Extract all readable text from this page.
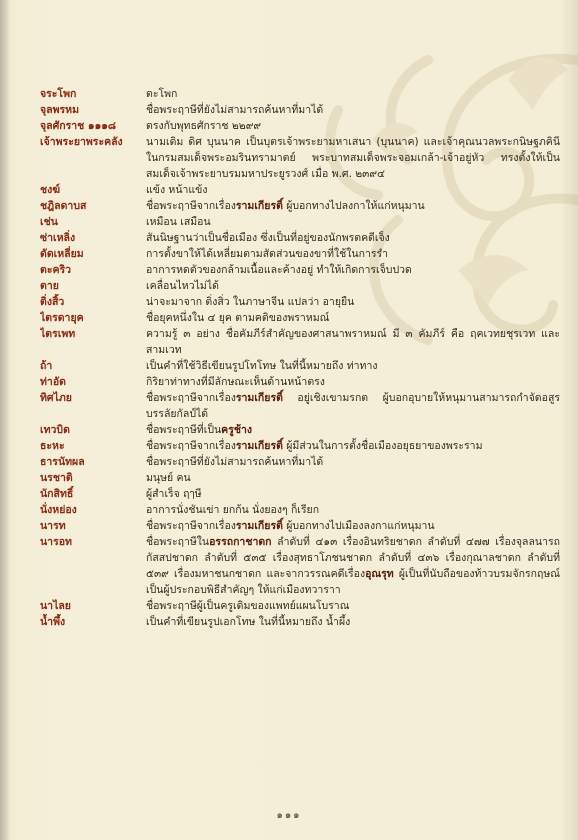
จระโพก	ตะโพก
จุลพรหม	ชื่อพระฤาษีที่ยังไม่สามารถค้นหาที่มาได้
จุลศักราช ๑๑๑๘	ตรงกับพุทธศักราช ๒๒๙๙
เจ้าพระยาพระคลัง	นามเดิม ดิศ บุนนาค เป็นบุตรเจ้าพระยามหาเสนา (บุนนาค) และเจ้าคุณนวลพระกนิษฐภคินี ในกรมสมเด็จพระอมรินทรามาตย์ พระบาทสมเด็จพระจอมเกล้า-เจ้าอยู่หัว ทรงตั้งให้เป็นสมเด็จเจ้าพระยาบรมมหาประยูรวงศ์ เมื่อ พ.ศ. ๒๓๙๔
ชงฆ์	แข้ง หน้าแข้ง
ชฎิลดาบส	ชื่อพระฤาษีจากเรื่องรามเกียรติ์ ผู้บอกทางไปลงกาให้แก่หนุมาน
เช่น	เหมือน เสมือน
ซ่าเหลิ่ง	สันนิษฐานว่าเป็นชื่อเมือง ซึ่งเป็นที่อยู่ของนักพรตคดีเจ็ง
ดัดเหลี่ยม	การตั้งขาให้ได้เหลี่ยมตามสัดส่วนของขาที่ใช้ในการรำ
ตะคริว	อาการหดตัวของกล้ามเนื้อและค้างอยู่ ทำให้เกิดการเจ็บปวด
ตาย	เคลื่อนไหวไม่ได้
ติ่งสิ้ว	น่าจะมาจาก ติ่งสิ่ว ในภาษาจีน แปลว่า อายุยืน
ไตรดายุค	ชื่อยุคหนึ่งใน ๔ ยุค ตามคติของพราหมณ์
ไตรเพท	ความรู้ ๓ อย่าง ชื่อคัมภีร์สำคัญของศาสนาพราหมณ์ มี ๓ คัมภีร์ คือ ฤคเวทยชุรเวท และสามเวท
ถ้า	เป็นคำที่ใช้วิธีเขียนรูปโทโทษ ในที่นี้หมายถึง ท่าทาง
ท่าอัด	กิริยาท่าทางที่มีลักษณะเห็นด้านหน้าตรง
ทิศไภย	ชื่อพระฤาษีจากเรื่องรามเกียรติ์ อยู่เชิงเขามรกต ผู้บอกอุบายให้หนุมานสามารถกำจัดอสูรบรรลัยกัลป์ได้
เทวบิด	ชื่อพระฤาษีที่เป็นครูช้าง
ธะหะ	ชื่อพระฤาษีจากเรื่องรามเกียรติ์ ผู้มีส่วนในการตั้งชื่อเมืองอยุธยาของพระราม
ธารนัทผล	ชื่อพระฤาษีที่ยังไม่สามารถค้นหาที่มาได้
นรชาติ	มนุษย์ คน
นักสิทธิ์	ผู้สำเร็จ ฤๅษี
นั่งหย่อง	อาการนั่งชันเข่า ยกก้น นั่งยองๆ ก็เรียก
นารท	ชื่อพระฤาษีจากเรื่องรามเกียรติ์ ผู้บอกทางไปเมืองลงกาแก่หนุมาน
นารอท	ชื่อพระฤาษีในอรรถกาชาดก ลำดับที่ ๔๑๓ เรื่องอินทริยชาดก ลำดับที่ ๔๗๗ เรื่องจุลลนารถกัสสปชาดก ลำดับที่ ๕๓๕ เรื่องสุทธาโภชนชาดก ลำดับที่ ๔๓๖ เรื่องกุณาลชาดก ลำดับที่ ๕๓๙ เรื่องมหาชนกชาดก และจากวรรณคดีเรื่องอุณรุท ผู้เป็นที่นับถือของท้าวบรมจักรกฤษณ์ เป็นผู้ประกอบพิธีสำคัญๆ ให้แก่เมืองทวาราา
นาไลย	ชื่อพระฤาษีผู้เป็นครูเดิมของแพทย์แผนโบราณ
น้ำพึ้ง	เป็นคำที่เขียนรูปเอกโทษ ในที่นี้หมายถึง น้ำผึ้ง
๑๑๑
